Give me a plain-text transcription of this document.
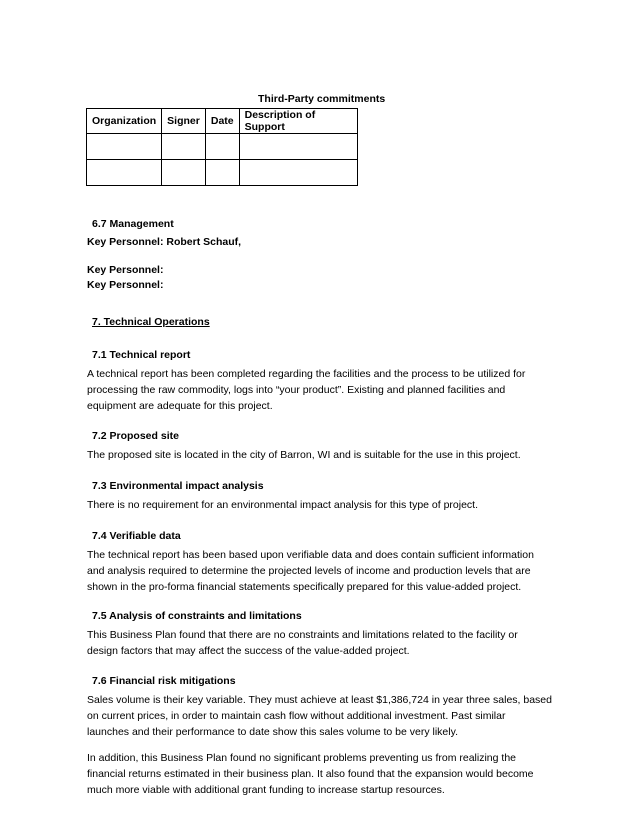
Third-Party commitments
Organization	Signer	Date	Description of Support

6.7 Management
Key Personnel: Robert Schauf,
Key Personnel:
Key Personnel:
7. Technical Operations
7.1 Technical report
A technical report has been completed regarding the facilities and the process to be utilized for
processing the raw commodity, logs into “your product”. Existing and planned facilities and
equipment are adequate for this project.
7.2 Proposed site
The proposed site is located in the city of Barron, WI and is suitable for the use in this project.
7.3 Environmental impact analysis
There is no requirement for an environmental impact analysis for this type of project.
7.4 Verifiable data
The technical report has been based upon verifiable data and does contain sufficient information
and analysis required to determine the projected levels of income and production levels that are
shown in the pro-forma financial statements specifically prepared for this value-added project.
7.5 Analysis of constraints and limitations
This Business Plan found that there are no constraints and limitations related to the facility or
design factors that may affect the success of the value-added project.
7.6 Financial risk mitigations
Sales volume is their key variable. They must achieve at least $1,386,724 in year three sales, based
on current prices, in order to maintain cash flow without additional investment. Past similar
launches and their performance to date show this sales volume to be very likely.
In addition, this Business Plan found no significant problems preventing us from realizing the
financial returns estimated in their business plan. It also found that the expansion would become
much more viable with additional grant funding to increase startup resources.
